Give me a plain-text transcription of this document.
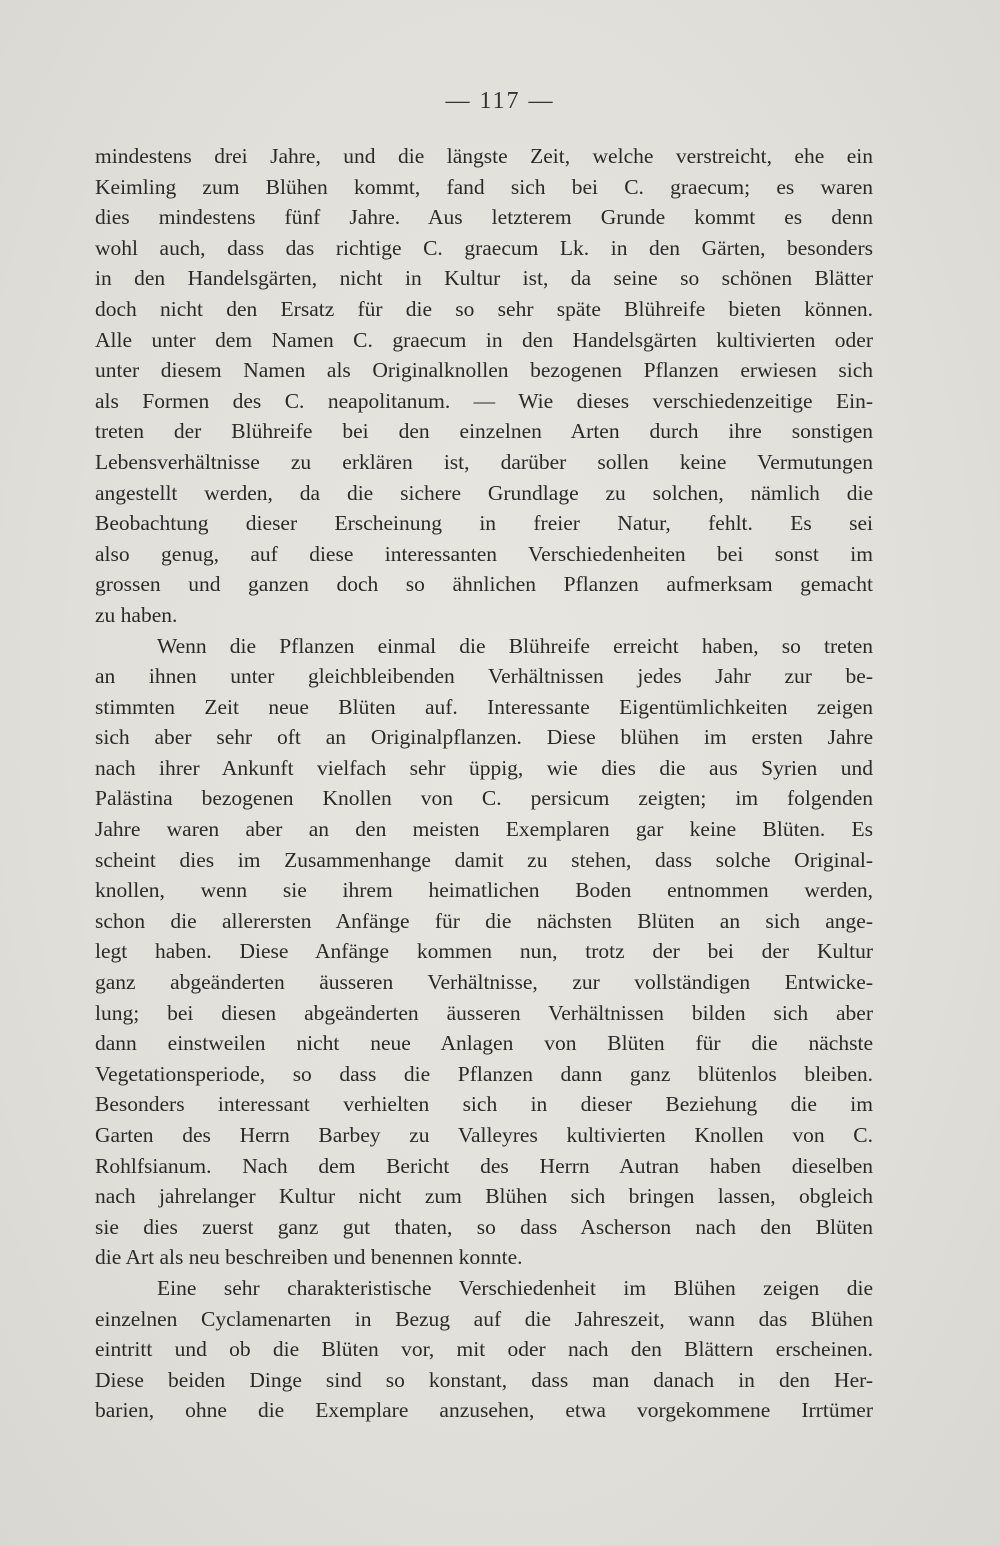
— 117 —
mindestens drei Jahre, und die längste Zeit, welche verstreicht, ehe ein
Keimling zum Blühen kommt, fand sich bei C. graecum; es waren
dies mindestens fünf Jahre. Aus letzterem Grunde kommt es denn
wohl auch, dass das richtige C. graecum Lk. in den Gärten, besonders
in den Handelsgärten, nicht in Kultur ist, da seine so schönen Blätter
doch nicht den Ersatz für die so sehr späte Blühreife bieten können.
Alle unter dem Namen C. graecum in den Handelsgärten kultivierten oder
unter diesem Namen als Originalknollen bezogenen Pflanzen erwiesen sich
als Formen des C. neapolitanum. — Wie dieses verschiedenzeitige Ein-
treten der Blühreife bei den einzelnen Arten durch ihre sonstigen
Lebensverhältnisse zu erklären ist, darüber sollen keine Vermutungen
angestellt werden, da die sichere Grundlage zu solchen, nämlich die
Beobachtung dieser Erscheinung in freier Natur, fehlt. Es sei
also genug, auf diese interessanten Verschiedenheiten bei sonst im
grossen und ganzen doch so ähnlichen Pflanzen aufmerksam gemacht
zu haben.
Wenn die Pflanzen einmal die Blühreife erreicht haben, so treten
an ihnen unter gleichbleibenden Verhältnissen jedes Jahr zur be-
stimmten Zeit neue Blüten auf. Interessante Eigentümlichkeiten zeigen
sich aber sehr oft an Originalpflanzen. Diese blühen im ersten Jahre
nach ihrer Ankunft vielfach sehr üppig, wie dies die aus Syrien und
Palästina bezogenen Knollen von C. persicum zeigten; im folgenden
Jahre waren aber an den meisten Exemplaren gar keine Blüten. Es
scheint dies im Zusammenhange damit zu stehen, dass solche Original-
knollen, wenn sie ihrem heimatlichen Boden entnommen werden,
schon die allerersten Anfänge für die nächsten Blüten an sich ange-
legt haben. Diese Anfänge kommen nun, trotz der bei der Kultur
ganz abgeänderten äusseren Verhältnisse, zur vollständigen Entwicke-
lung; bei diesen abgeänderten äusseren Verhältnissen bilden sich aber
dann einstweilen nicht neue Anlagen von Blüten für die nächste
Vegetationsperiode, so dass die Pflanzen dann ganz blütenlos bleiben.
Besonders interessant verhielten sich in dieser Beziehung die im
Garten des Herrn Barbey zu Valleyres kultivierten Knollen von C.
Rohlfsianum. Nach dem Bericht des Herrn Autran haben dieselben
nach jahrelanger Kultur nicht zum Blühen sich bringen lassen, obgleich
sie dies zuerst ganz gut thaten, so dass Ascherson nach den Blüten
die Art als neu beschreiben und benennen konnte.
Eine sehr charakteristische Verschiedenheit im Blühen zeigen die
einzelnen Cyclamenarten in Bezug auf die Jahreszeit, wann das Blühen
eintritt und ob die Blüten vor, mit oder nach den Blättern erscheinen.
Diese beiden Dinge sind so konstant, dass man danach in den Her-
barien, ohne die Exemplare anzusehen, etwa vorgekommene Irrtümer
